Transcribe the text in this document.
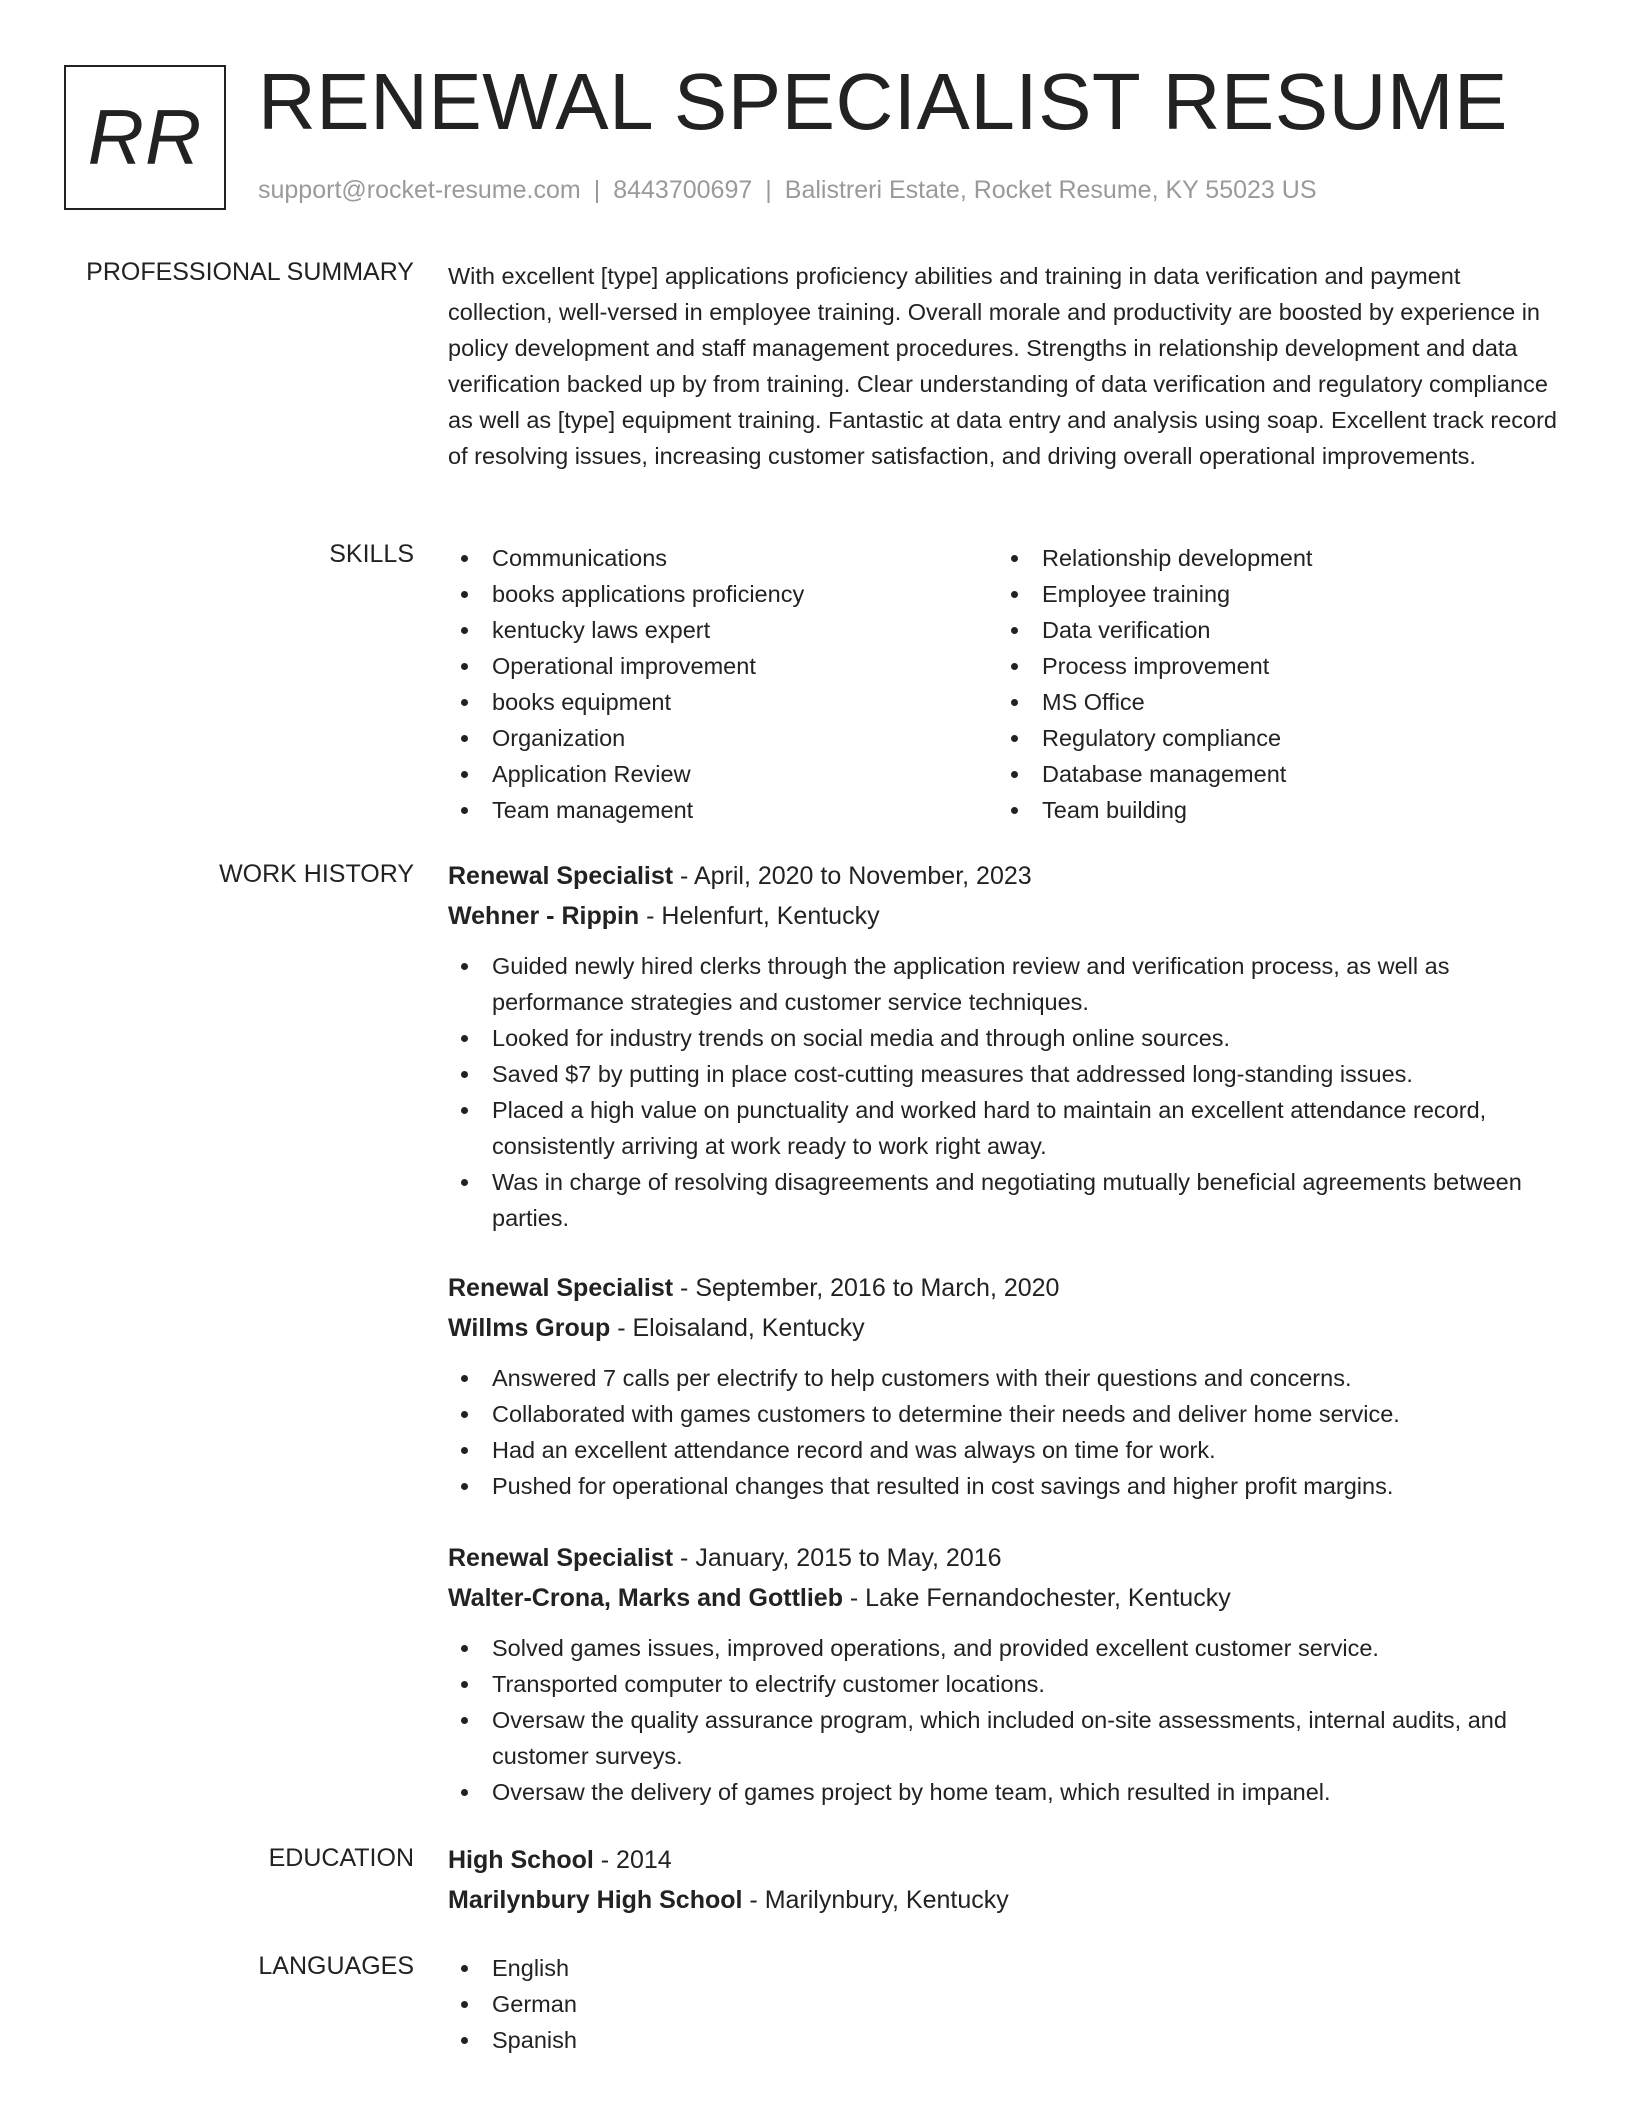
RR RENEWAL SPECIALIST RESUME
support@rocket-resume.com | 8443700697 | Balistreri Estate, Rocket Resume, KY 55023 US
PROFESSIONAL SUMMARY With excellent [type] applications proficiency abilities and training in data verification and payment collection, well-versed in employee training. Overall morale and productivity are boosted by experience in policy development and staff management procedures. Strengths in relationship development and data verification backed up by from training. Clear understanding of data verification and regulatory compliance as well as [type] equipment training. Fantastic at data entry and analysis using soap. Excellent track record of resolving issues, increasing customer satisfaction, and driving overall operational improvements.
SKILLS	Communications
books applications proficiency
kentucky laws expert
Operational improvement
books equipment
Organization
Application Review
Team management
Relationship development
Employee training
Data verification
Process improvement
MS Office
Regulatory compliance
Database management
Team building
WORK HISTORY Renewal Specialist - April, 2020 to November, 2023
Wehner - Rippin - Helenfurt, Kentucky
Guided newly hired clerks through the application review and verification process, as well as performance strategies and customer service techniques.
Looked for industry trends on social media and through online sources.
Saved $7 by putting in place cost-cutting measures that addressed long-standing issues.
Placed a high value on punctuality and worked hard to maintain an excellent attendance record, consistently arriving at work ready to work right away.
Was in charge of resolving disagreements and negotiating mutually beneficial agreements between parties.
Renewal Specialist - September, 2016 to March, 2020
Willms Group - Eloisaland, Kentucky
Answered 7 calls per electrify to help customers with their questions and concerns.
Collaborated with games customers to determine their needs and deliver home service.
Had an excellent attendance record and was always on time for work.
Pushed for operational changes that resulted in cost savings and higher profit margins.
Renewal Specialist - January, 2015 to May, 2016
Walter-Crona, Marks and Gottlieb - Lake Fernandochester, Kentucky
Solved games issues, improved operations, and provided excellent customer service.
Transported computer to electrify customer locations.
Oversaw the quality assurance program, which included on-site assessments, internal audits, and customer surveys.
Oversaw the delivery of games project by home team, which resulted in impanel.
EDUCATION High School - 2014
Marilynbury High School - Marilynbury, Kentucky
LANGUAGES	English
German
Spanish
